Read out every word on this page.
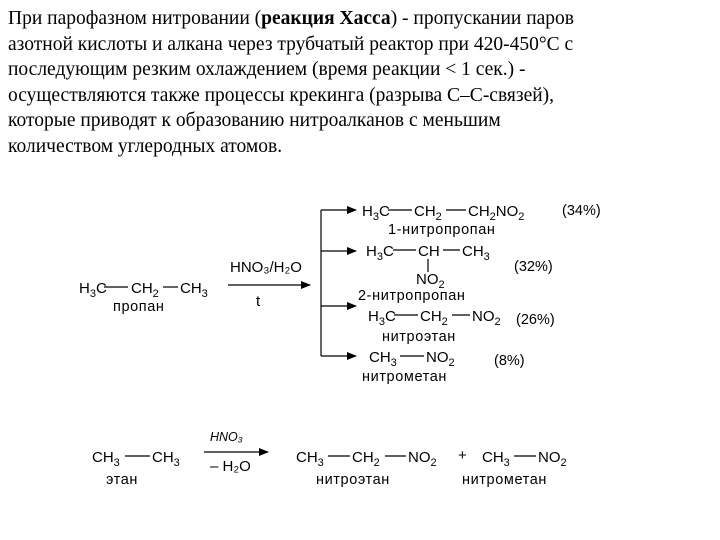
При парофазном нитровании (реакция Хасса) - пропускании паров
азотной кислоты и алкана через трубчатый реактор при 420-450°С с
последующим резким охлаждением (время реакции < 1 сек.) -
осуществляются также процессы крекинга (разрыва С–С-связей),
которые приводят к образованию нитроалканов с меньшим
количеством углеродных атомов.
$H_3C$ $CH_2$ $CH_3$
пропан
HNO₃/H₂O
t
$H_3C$ $CH_2$ $CH_2NO_2$	(34%)
1-нитропропан
$H_3C$ CH $CH_3$
$NO_2$
(32%)
2-нитропропан
$H_3C$ $CH_2$ $NO_2$ (26%)
нитроэтан
$CH_3$ $NO_2$	(8%)
нитрометан
$CH_3$ $CH_3$
этан
HNO₃
– H₂O
$CH_3$ $CH_2$ $NO_2$
нитроэтан
+ $CH_3$ $NO_2$
нитрометан
